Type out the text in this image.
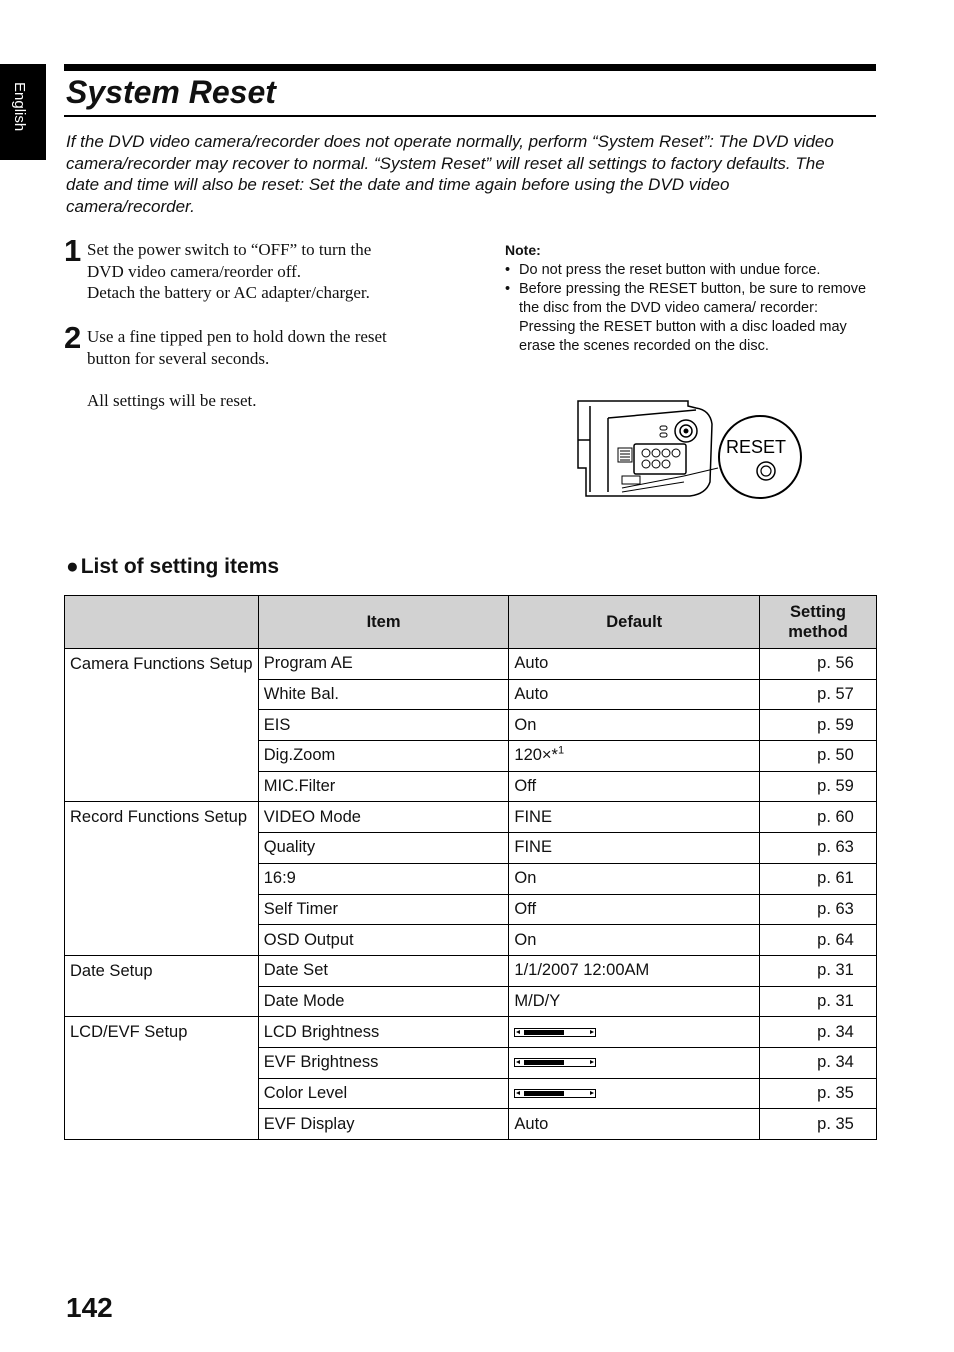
English System Reset

If the DVD video camera/recorder does not operate normally, perform “System Reset”: The DVD video camera/recorder may recover to normal. “System Reset” will reset all settings to factory defaults. The date and time will also be reset: Set the date and time again before using the DVD video camera/recorder.

1 Set the power switch to “OFF” to turn the
DVD video camera/reorder off.
Detach the battery or AC adapter/charger.
2 Use a fine tipped pen to hold down the reset
button for several seconds.
All settings will be reset.
Note:
• Do not press the reset button with undue force.
• Before pressing the RESET button, be sure to remove the disc from the DVD video camera/ recorder: Pressing the RESET button with a disc loaded may erase the scenes recorded on the disc.
RESET
●List of setting items
	Item	Default	Setting method
Camera Functions Setup	Program AE	Auto	p. 56
	White Bal.	Auto	p. 57
	EIS	On	p. 59
	Dig.Zoom	120×*$^1$	p. 50
	MIC.Filter	Off	p. 59
Record Functions Setup	VIDEO Mode	FINE	p. 60
	Quality	FINE	p. 63
	16:9	On	p. 61
	Self Timer	Off	p. 63
	OSD Output	On	p. 64
Date Setup	Date Set	1/1/2007 12:00AM	p. 31
	Date Mode	M/D/Y	p. 31
LCD/EVF Setup	LCD Brightness		p. 34
	EVF Brightness		p. 34
	Color Level		p. 35
	EVF Display	Auto	p. 35
142
